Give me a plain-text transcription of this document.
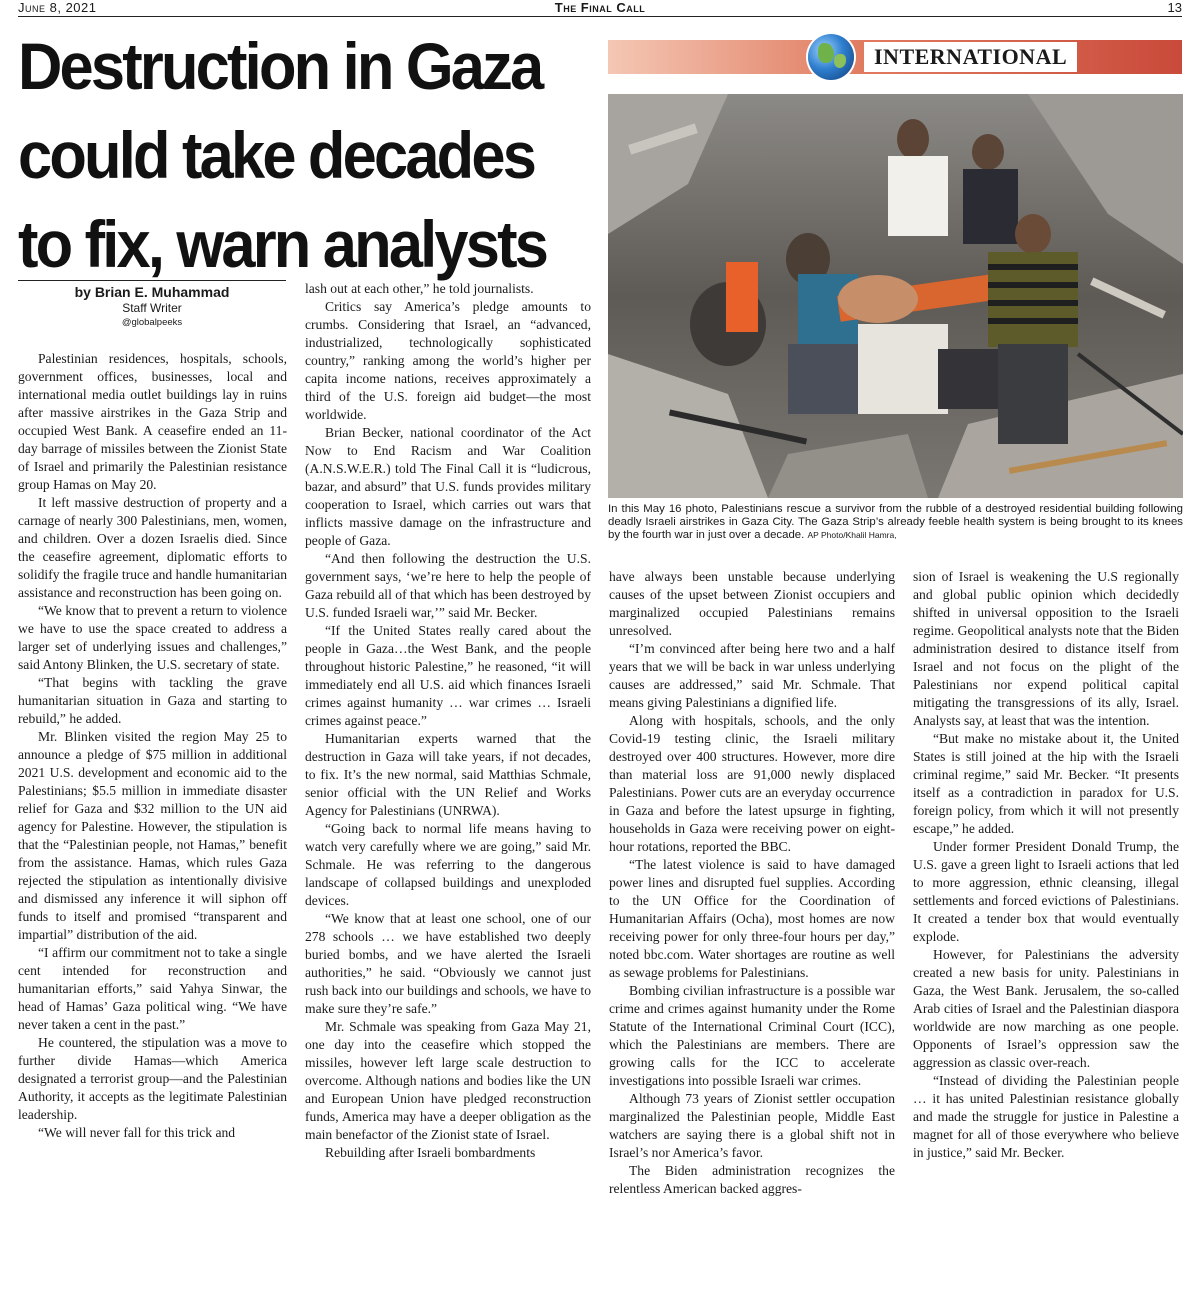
June 8, 2021	The Final Call	13
Destruction in Gaza
could take decades
to fix, warn analysts
INTERNATIONAL
In this May 16 photo, Palestinians rescue a survivor from the rubble of a destroyed residential building following deadly Israeli airstrikes in Gaza City. The Gaza Strip’s already feeble health system is being brought to its knees by the fourth war in just over a decade. AP Photo/Khalil Hamra,
by Brian E. Muhammad
Staff Writer
@globalpeeks

Palestinian residences, hospitals, schools, government offices, businesses, local and international media outlet buildings lay in ruins after massive airstrikes in the Gaza Strip and occupied West Bank. A ceasefire ended an 11-day barrage of missiles between the Zionist State of Israel and primarily the Palestinian resistance group Hamas on May 20.

It left massive destruction of property and a carnage of nearly 300 Palestinians, men, women, and children. Over a dozen Israelis died. Since the ceasefire agreement, diplomatic efforts to solidify the fragile truce and handle humanitarian assistance and reconstruction has been going on.

“We know that to prevent a return to violence we have to use the space created to address a larger set of underlying issues and challenges,” said Antony Blinken, the U.S. secretary of state.

“That begins with tackling the grave humanitarian situation in Gaza and starting to rebuild,” he added.

Mr. Blinken visited the region May 25 to announce a pledge of $75 million in additional 2021 U.S. development and economic aid to the Palestinians; $5.5 million in immediate disaster relief for Gaza and $32 million to the UN aid agency for Palestine. However, the stipulation is that the “Palestinian people, not Hamas,” benefit from the assistance. Hamas, which rules Gaza rejected the stipulation as intentionally divisive and dismissed any inference it will siphon off funds to itself and promised “transparent and impartial” distribution of the aid.

“I affirm our commitment not to take a single cent intended for reconstruction and humanitarian efforts,” said Yahya Sinwar, the head of Hamas’ Gaza political wing. “We have never taken a cent in the past.”

He countered, the stipulation was a move to further divide Hamas—which America designated a terrorist group—and the Palestinian Authority, it accepts as the legitimate Palestinian leadership.

“We will never fall for this trick and

lash out at each other,” he told journalists.

Critics say America’s pledge amounts to crumbs. Considering that Israel, an “advanced, industrialized, technologically sophisticated country,” ranking among the world’s higher per capita income nations, receives approximately a third of the U.S. foreign aid budget—the most worldwide.

Brian Becker, national coordinator of the Act Now to End Racism and War Coalition (A.N.S.W.E.R.) told The Final Call it is “ludicrous, bazar, and absurd” that U.S. funds provides military cooperation to Israel, which carries out wars that inflicts massive damage on the infrastructure and people of Gaza.

“And then following the destruction the U.S. government says, ‘we’re here to help the people of Gaza rebuild all of that which has been destroyed by U.S. funded Israeli war,’” said Mr. Becker.

“If the United States really cared about the people in Gaza…the West Bank, and the people throughout historic Palestine,” he reasoned, “it will immediately end all U.S. aid which finances Israeli crimes against humanity … war crimes … Israeli crimes against peace.”

Humanitarian experts warned that the destruction in Gaza will take years, if not decades, to fix. It’s the new normal, said Matthias Schmale, senior official with the UN Relief and Works Agency for Palestinians (UNRWA).

“Going back to normal life means having to watch very carefully where we are going,” said Mr. Schmale. He was referring to the dangerous landscape of collapsed buildings and unexploded devices.

“We know that at least one school, one of our 278 schools … we have established two deeply buried bombs, and we have alerted the Israeli authorities,” he said. “Obviously we cannot just rush back into our buildings and schools, we have to make sure they’re safe.”

Mr. Schmale was speaking from Gaza May 21, one day into the ceasefire which stopped the missiles, however left large scale destruction to overcome. Although nations and bodies like the UN and European Union have pledged reconstruction funds, America may have a deeper obligation as the main benefactor of the Zionist state of Israel.

Rebuilding after Israeli bombardments

have always been unstable because underlying causes of the upset between Zionist occupiers and marginalized occupied Palestinians remains unresolved.

“I’m convinced after being here two and a half years that we will be back in war unless underlying causes are addressed,” said Mr. Schmale. That means giving Palestinians a dignified life.

Along with hospitals, schools, and the only Covid-19 testing clinic, the Israeli military destroyed over 400 structures. However, more dire than material loss are 91,000 newly displaced Palestinians. Power cuts are an everyday occurrence in Gaza and before the latest upsurge in fighting, households in Gaza were receiving power on eight-hour rotations, reported the BBC.

“The latest violence is said to have damaged power lines and disrupted fuel supplies. According to the UN Office for the Coordination of Humanitarian Affairs (Ocha), most homes are now receiving power for only three-four hours per day,” noted bbc.com. Water shortages are routine as well as sewage problems for Palestinians.

Bombing civilian infrastructure is a possible war crime and crimes against humanity under the Rome Statute of the International Criminal Court (ICC), which the Palestinians are members. There are growing calls for the ICC to accelerate investigations into possible Israeli war crimes.

Although 73 years of Zionist settler occupation marginalized the Palestinian people, Middle East watchers are saying there is a global shift not in Israel’s nor America’s favor.

The Biden administration recognizes the relentless American backed aggres-

sion of Israel is weakening the U.S regionally and global public opinion which decidedly shifted in universal opposition to the Israeli regime. Geopolitical analysts note that the Biden administration desired to distance itself from Israel and not focus on the plight of the Palestinians nor expend political capital mitigating the transgressions of its ally, Israel. Analysts say, at least that was the intention.

“But make no mistake about it, the United States is still joined at the hip with the Israeli criminal regime,” said Mr. Becker. “It presents itself as a contradiction in paradox for U.S. foreign policy, from which it will not presently escape,” he added.

Under former President Donald Trump, the U.S. gave a green light to Israeli actions that led to more aggression, ethnic cleansing, illegal settlements and forced evictions of Palestinians. It created a tender box that would eventually explode.

However, for Palestinians the adversity created a new basis for unity. Palestinians in Gaza, the West Bank. Jerusalem, the so-called Arab cities of Israel and the Palestinian diaspora worldwide are now marching as one people. Opponents of Israel’s oppression saw the aggression as classic over-reach.

“Instead of dividing the Palestinian people … it has united Palestinian resistance globally and made the struggle for justice in Palestine a magnet for all of those everywhere who believe in justice,” said Mr. Becker.
